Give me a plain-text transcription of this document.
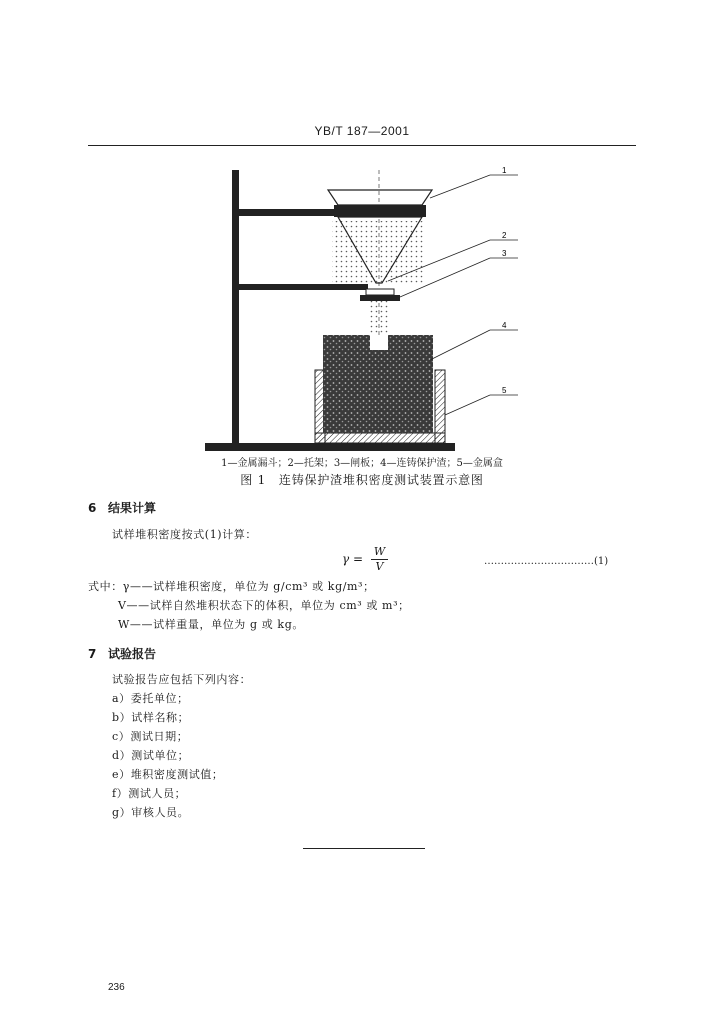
YB/T 187—2001
1
2
3
4
5
1—金属漏斗；2—托架；3—闸板；4—连铸保护渣；5—金属盒
图 1　连铸保护渣堆积密度测试装置示意图
6 结果计算
试样堆积密度按式(1)计算：
$\gamma = \frac{W}{V}$	……………………………(1)
式中：γ——试样堆积密度，单位为 g/cm³ 或 kg/m³；
V——试样自然堆积状态下的体积，单位为 cm³ 或 m³；
W——试样重量，单位为 g 或 kg。
7 试验报告
试验报告应包括下列内容：
a）委托单位；
b）试样名称；
c）测试日期；
d）测试单位；
e）堆积密度测试值；
f）测试人员；
g）审核人员。
236
